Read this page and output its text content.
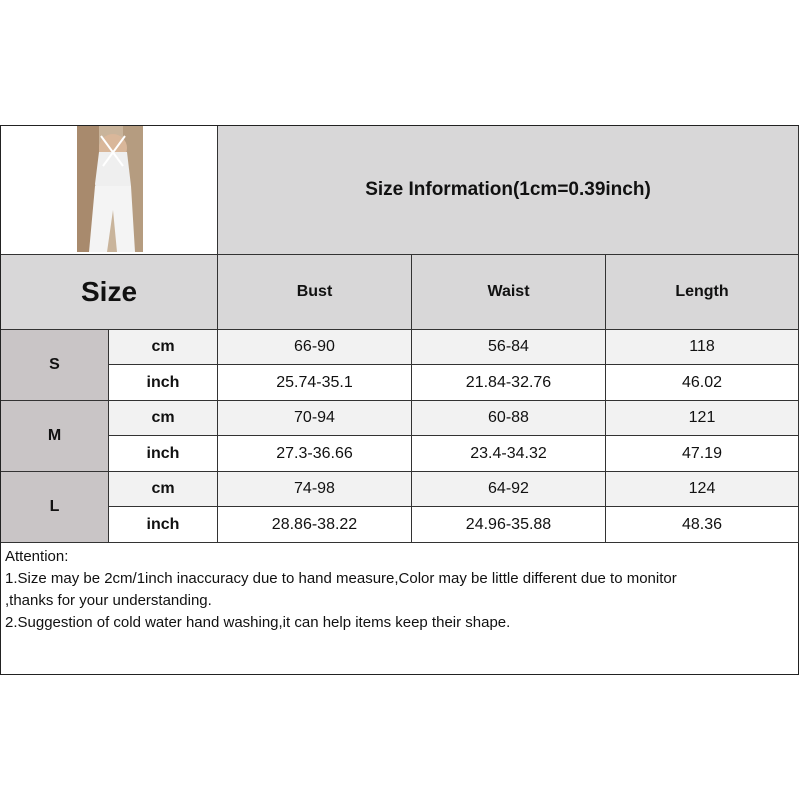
Size Information(1cm=0.39inch)
Size	Bust	Waist	Length
S
cm	66-90	56-84	118
inch	25.74-35.1	21.84-32.76	46.02
M
cm	70-94	60-88	121
inch	27.3-36.66	23.4-34.32	47.19
L
cm	74-98	64-92	124
inch	28.86-38.22	24.96-35.88	48.36
Attention:
1.Size may be 2cm/1inch inaccuracy due to hand measure,Color may be little different due to monitor
,thanks for your understanding.
2.Suggestion of cold water hand washing,it can help items keep their shape.
